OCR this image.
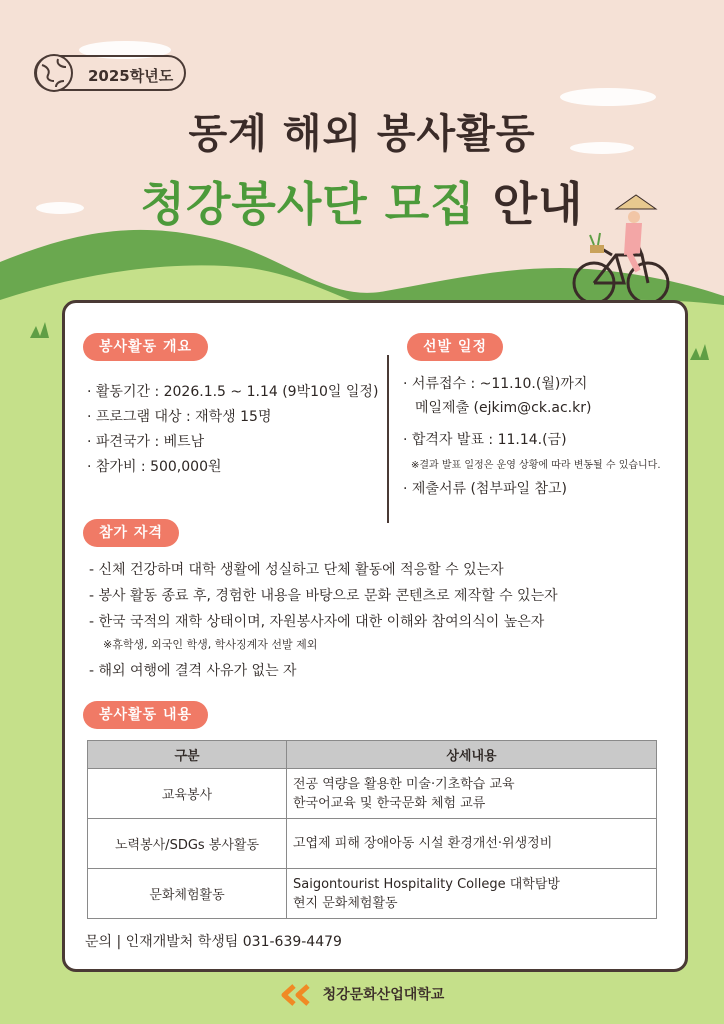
2025학년도
동계 해외 봉사활동
청강봉사단 모집 안내
봉사활동 개요
· 활동기간 : 2026.1.5 ~ 1.14 (9박10일 일정)
· 프로그램 대상 : 재학생 15명
· 파견국가 : 베트남
· 참가비 : 500,000원
선발 일정
· 서류접수 : ~11.10.(월)까지
메일제출 (ejkim@ck.ac.kr)
· 합격자 발표 : 11.14.(금)
※결과 발표 일정은 운영 상황에 따라 변동될 수 있습니다.
· 제출서류 (첨부파일 참고)
참가 자격
- 신체 건강하며 대학 생활에 성실하고 단체 활동에 적응할 수 있는자
- 봉사 활동 종료 후, 경험한 내용을 바탕으로 문화 콘텐츠로 제작할 수 있는자
- 한국 국적의 재학 상태이며, 자원봉사자에 대한 이해와 참여의식이 높은자
※휴학생, 외국인 학생, 학사징계자 선발 제외
- 해외 여행에 결격 사유가 없는 자
봉사활동 내용
구분	상세내용
교육봉사	전공 역량을 활용한 미술·기초학습 교육
한국어교육 및 한국문화 체험 교류

노력봉사/SDGs 봉사활동	고엽제 피해 장애아동 시설 환경개선·위생정비

문화체험활동	Saigontourist Hospitality College 대학탐방
현지 문화체험활동
문의 | 인재개발처 학생팀 031-639-4479
청강문화산업대학교
